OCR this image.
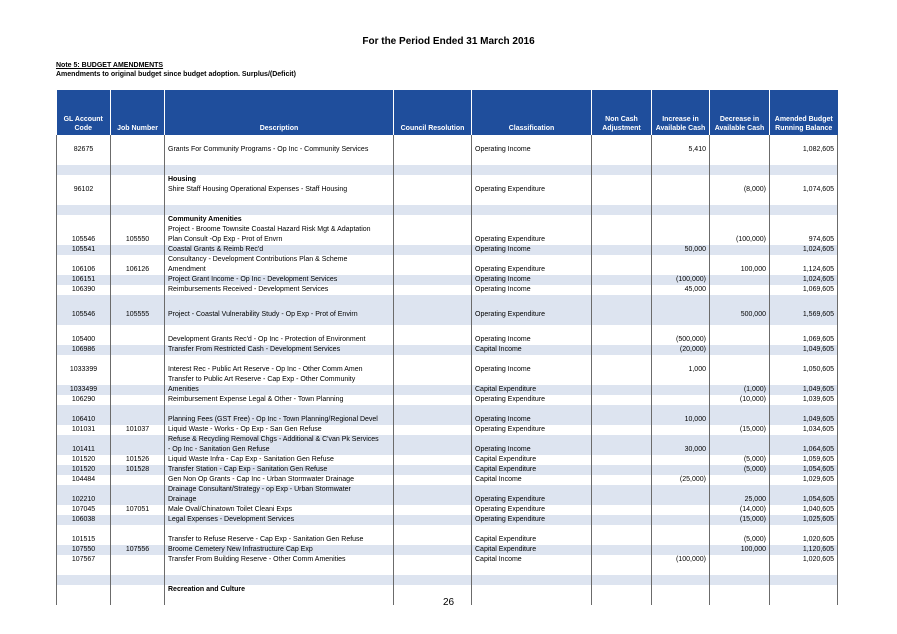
For the Period Ended 31 March 2016
Note 5: BUDGET AMENDMENTS
Amendments to original budget since budget adoption. Surplus/(Deficit)
GL Account Code	Job Number	Description	Council Resolution	Classification	Non Cash Adjustment	Increase in Available Cash	Decrease in Available Cash	Amended Budget Running Balance

82675		Grants For Community Programs - Op Inc - Community Services		Operating Income		5,410		1,082,605

		Housing						
96102		Shire Staff Housing Operational Expenses - Staff Housing		Operating Expenditure			(8,000)	1,074,605

		Community Amenities						
		Project - Broome Townsite Coastal Hazard Risk Mgt & Adaptation						
105546	105550	Plan Consult -Op Exp - Prot of Envrn		Operating Expenditure			(100,000)	974,605
105541		Coastal Grants & Reimb Rec'd		Operating Income		50,000		1,024,605
		Consultancy - Development Contributions Plan & Scheme						
106106	106126	Amendment		Operating Expenditure			100,000	1,124,605
106151		Project Grant Income - Op Inc - Development Services		Operating Income		(100,000)		1,024,605
106390		Reimbursements Received - Development Services		Operating Income		45,000		1,069,605

105546	105555	Project - Coastal Vulnerability Study - Op Exp - Prot of Envirn		Operating Expenditure			500,000	1,569,605

105400		Development Grants Rec'd - Op Inc - Protection of Environment		Operating Income		(500,000)		1,069,605
106986		Transfer From Restricted Cash - Development Services		Capital Income		(20,000)		1,049,605

1033399		Interest Rec - Public Art Reserve - Op Inc - Other Comm Amen		Operating Income		1,000		1,050,605
		Transfer to Public Art Reserve - Cap Exp - Other Community						
1033499		Amenities		Capital Expenditure			(1,000)	1,049,605
106290		Reimbursement Expense Legal & Other - Town Planning		Operating Expenditure			(10,000)	1,039,605

106410		Planning Fees (GST Free) - Op Inc - Town Planning/Regional Devel		Operating Income		10,000		1,049,605
101031	101037	Liquid Waste - Works - Op Exp - San Gen Refuse		Operating Expenditure			(15,000)	1,034,605
		Refuse & Recycling Removal Chgs - Additional & C'van Pk Services						
101411		- Op Inc - Sanitation Gen Refuse		Operating Income		30,000		1,064,605
101520	101526	Liquid Waste Infra - Cap Exp - Sanitation Gen Refuse		Capital Expenditure			(5,000)	1,059,605
101520	101528	Transfer Station - Cap Exp - Sanitation Gen Refuse		Capital Expenditure			(5,000)	1,054,605
104484		Gen Non Op Grants - Cap Inc - Urban Stormwater Drainage		Capital Income		(25,000)		1,029,605
		Drainage Consultant/Strategy - op Exp - Urban Stormwater						
102210		Drainage		Operating Expenditure			25,000	1,054,605
107045	107051	Male Oval/Chinatown Toilet Cleani Exps		Operating Expenditure			(14,000)	1,040,605
106038		Legal Expenses - Development Services		Operating Expenditure			(15,000)	1,025,605

101515		Transfer to Refuse Reserve - Cap Exp - Sanitation Gen Refuse		Capital Expenditure			(5,000)	1,020,605
107550	107556	Broome Cemetery New Infrastructure Cap Exp		Capital Expenditure			100,000	1,120,605
107567		Transfer From Building Reserve - Other Comm Amenities		Capital Income		(100,000)		1,020,605

		Recreation and Culture						

26
